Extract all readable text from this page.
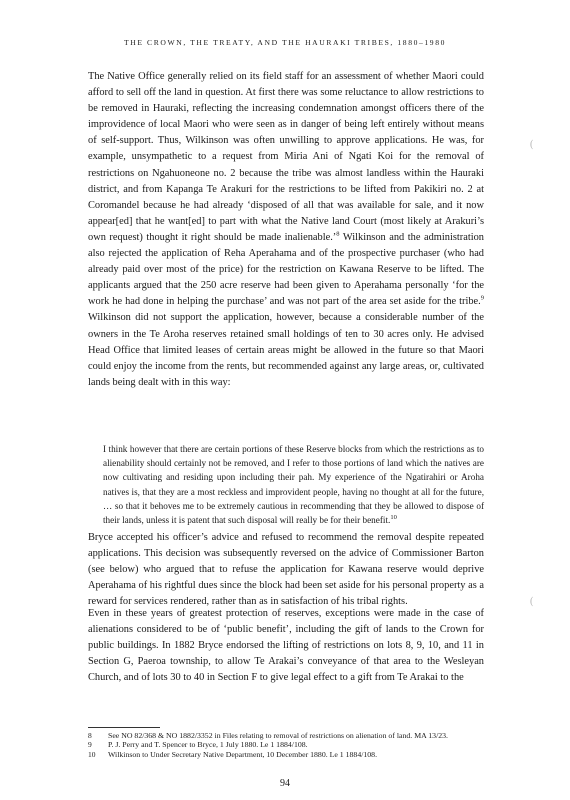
THE CROWN, THE TREATY, AND THE HAURAKI TRIBES, 1880–1980

The Native Office generally relied on its field staff for an assessment of whether Maori could afford to sell off the land in question. At first there was some reluctance to allow restrictions to be removed in Hauraki, reflecting the increasing condemnation amongst officers there of the improvidence of local Maori who were seen as in danger of being left entirely without means of self-support. Thus, Wilkinson was often unwilling to approve applications. He was, for example, unsympathetic to a request from Miria Ani of Ngati Koi for the removal of restrictions on Ngahuoneone no. 2 because the tribe was almost landless within the Hauraki district, and from Kapanga Te Arakuri for the restrictions to be lifted from Pakikiri no. 2 at Coromandel because he had already ‘disposed of all that was available for sale, and it now appear[ed] that he want[ed] to part with what the Native land Court (most likely at Arakuri’s own request) thought it right should be made inalienable.’$^8$ Wilkinson and the administration also rejected the application of Reha Aperahama and of the prospective purchaser (who had already paid over most of the price) for the restriction on Kawana Reserve to be lifted. The applicants argued that the 250 acre reserve had been given to Aperahama personally ‘for the work he had done in helping the purchase’ and was not part of the area set aside for the tribe.$^9$ Wilkinson did not support the application, however, because a considerable number of the owners in the Te Aroha reserves retained small holdings of ten to 30 acres only. He advised Head Office that limited leases of certain areas might be allowed in the future so that Maori could enjoy the income from the rents, but recommended against any large areas, or, cultivated lands being dealt with in this way:

I think however that there are certain portions of these Reserve blocks from which the restrictions as to alienability should certainly not be removed, and I refer to those portions of land which the natives are now cultivating and residing upon including their pah. My experience of the Ngatirahiri or Aroha natives is, that they are a most reckless and improvident people, having no thought at all for the future, … so that it behoves me to be extremely cautious in recommending that they be allowed to dispose of their lands, unless it is patent that such disposal will really be for their benefit.$^{10}$

Bryce accepted his officer’s advice and refused to recommend the removal despite repeated applications. This decision was subsequently reversed on the advice of Commissioner Barton (see below) who argued that to refuse the application for Kawana reserve would deprive Aperahama of his rightful dues since the block had been set aside for his personal property as a reward for services rendered, rather than as in satisfaction of his tribal rights.

Even in these years of greatest protection of reserves, exceptions were made in the case of alienations considered to be of ‘public benefit’, including the gift of lands to the Crown for public buildings. In 1882 Bryce endorsed the lifting of restrictions on lots 8, 9, 10, and 11 in Section G, Paeroa township, to allow Te Arakai’s conveyance of that area to the Wesleyan Church, and of lots 30 to 40 in Section F to give legal effect to a gift from Te Arakai to the

(
(
8	See NO 82/368 & NO 1882/3352 in Files relating to removal of restrictions on alienation of land. MA 13/23.
9	P. J. Perry and T. Spencer to Bryce, 1 July 1880. Le 1 1884/108.
10	Wilkinson to Under Secretary Native Department, 10 December 1880. Le 1 1884/108.
94
